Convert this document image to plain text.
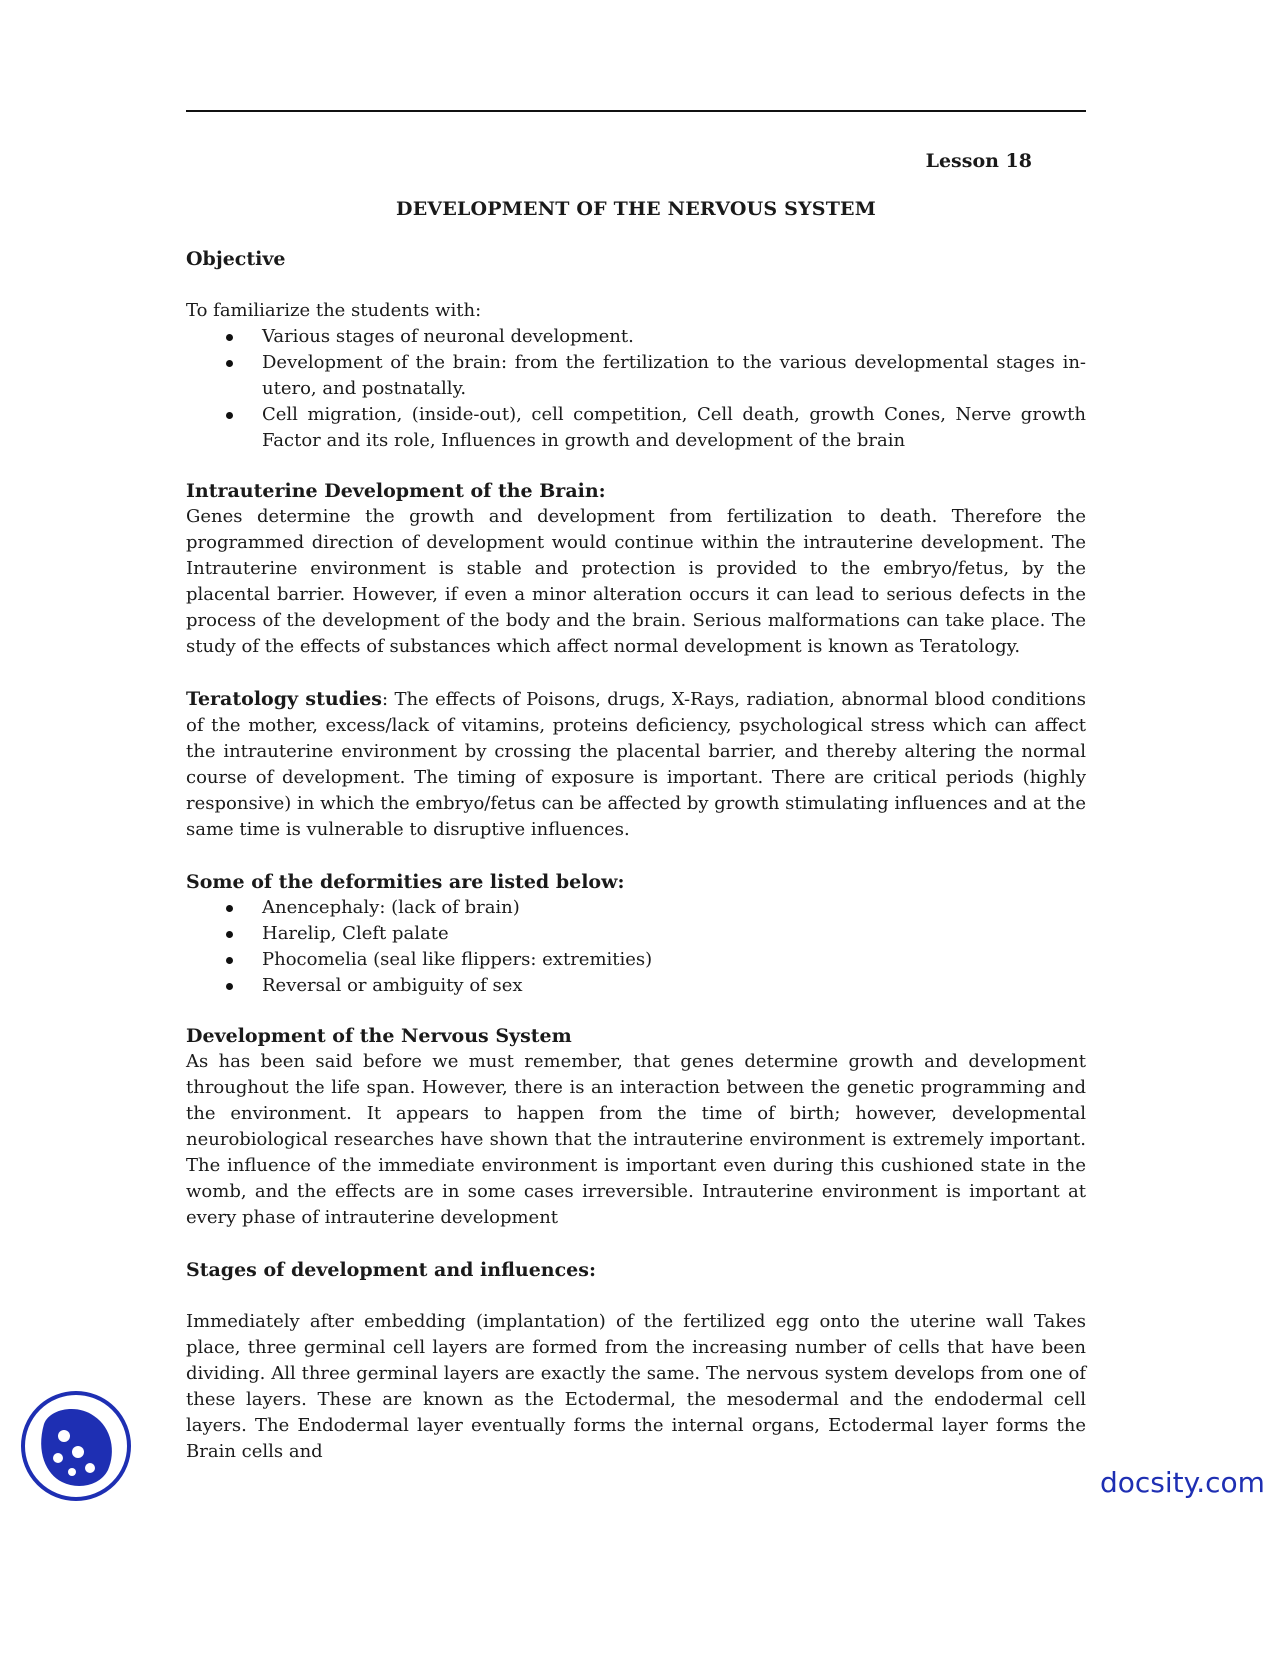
Lesson 18

DEVELOPMENT OF THE NERVOUS SYSTEM

Objective

To familiarize the students with:

Various stages of neuronal development.
Development of the brain: from the fertilization to the various developmental stages in-utero, and postnatally.
Cell migration, (inside-out), cell competition, Cell death, growth Cones, Nerve growth Factor and its role, Influences in growth and development of the brain

Intrauterine Development of the Brain:

Genes determine the growth and development from fertilization to death. Therefore the programmed direction of development would continue within the intrauterine development. The Intrauterine environment is stable and protection is provided to the embryo/fetus, by the placental barrier. However, if even a minor alteration occurs it can lead to serious defects in the process of the development of the body and the brain. Serious malformations can take place. The study of the effects of substances which affect normal development is known as Teratology.

Teratology studies: The effects of Poisons, drugs, X-Rays, radiation, abnormal blood conditions of the mother, excess/lack of vitamins, proteins deficiency, psychological stress which can affect the intrauterine environment by crossing the placental barrier, and thereby altering the normal course of development. The timing of exposure is important. There are critical periods (highly responsive) in which the embryo/fetus can be affected by growth stimulating influences and at the same time is vulnerable to disruptive influences.

Some of the deformities are listed below:

Anencephaly: (lack of brain)
Harelip, Cleft palate
Phocomelia (seal like flippers: extremities)
Reversal or ambiguity of sex

Development of the Nervous System

As has been said before we must remember, that genes determine growth and development throughout the life span. However, there is an interaction between the genetic programming and the environment. It appears to happen from the time of birth; however, developmental neurobiological researches have shown that the intrauterine environment is extremely important. The influence of the immediate environment is important even during this cushioned state in the womb, and the effects are in some cases irreversible. Intrauterine environment is important at every phase of intrauterine development

Stages of development and influences:

Immediately after embedding (implantation) of the fertilized egg onto the uterine wall Takes place, three germinal cell layers are formed from the increasing number of cells that have been dividing. All three germinal layers are exactly the same. The nervous system develops from one of these layers. These are known as the Ectodermal, the mesodermal and the endodermal cell layers. The Endodermal layer eventually forms the internal organs, Ectodermal layer forms the Brain cells and

docsity.com
